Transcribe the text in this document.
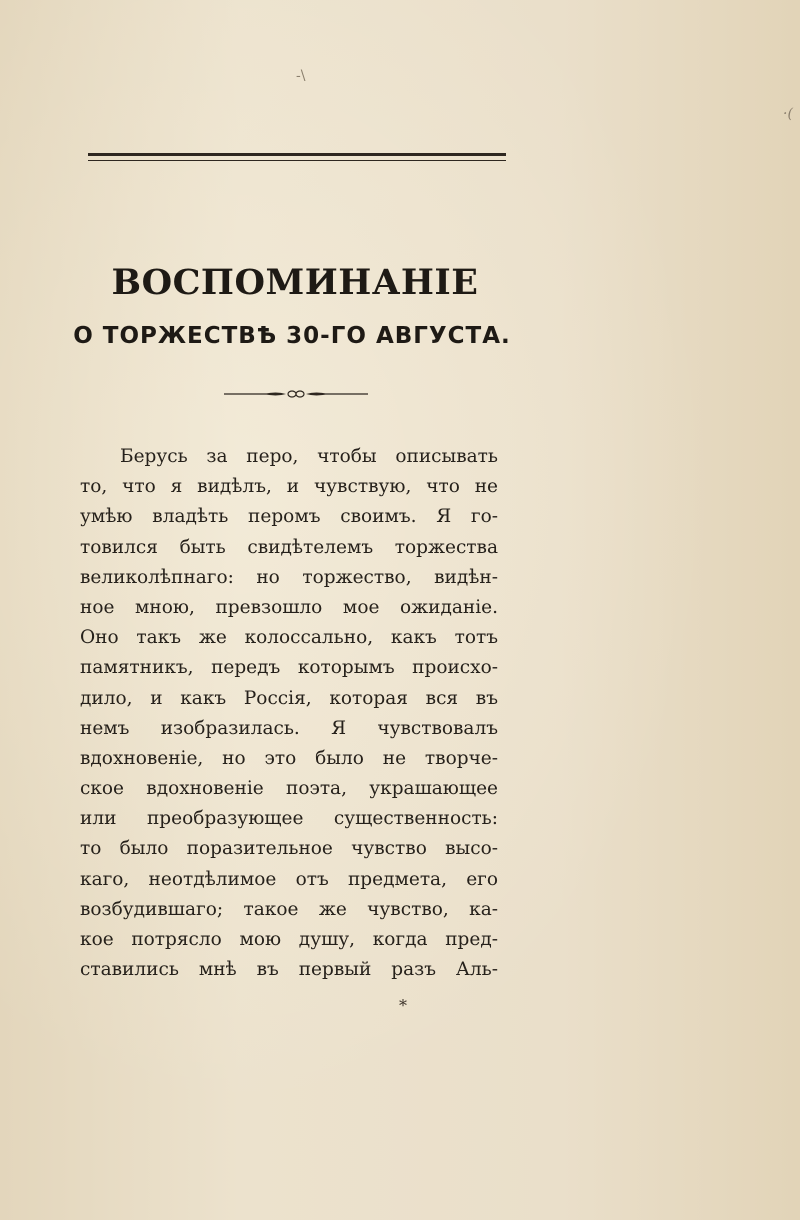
-\
·(
ВОСПОМИНАНІЕ
О ТОРЖЕСТВѢ 30-ГО АВГУСТА.
Берусь за перо, чтобы описывать
то, что я видѣлъ, и чувствую, что не
умѣю владѣть перомъ своимъ. Я го-
товился быть свидѣтелемъ торжества
великолѣпнаго: но торжество, видѣн-
ное мною, превзошло мое ожиданіе.
Оно такъ же колоссально, какъ тотъ
памятникъ, передъ которымъ происхо-
дило, и какъ Россія, которая вся въ
немъ изобразилась. Я чувствовалъ
вдохновеніе, но это было не творче-
ское вдохновеніе поэта, украшающее
или преобразующее существенность:
то было поразительное чувство высо-
каго, неотдѣлимое отъ предмета, его
возбудившаго; такое же чувство, ка-
кое потрясло мою душу, когда пред-
ставились мнѣ въ первый разъ Аль-
*
